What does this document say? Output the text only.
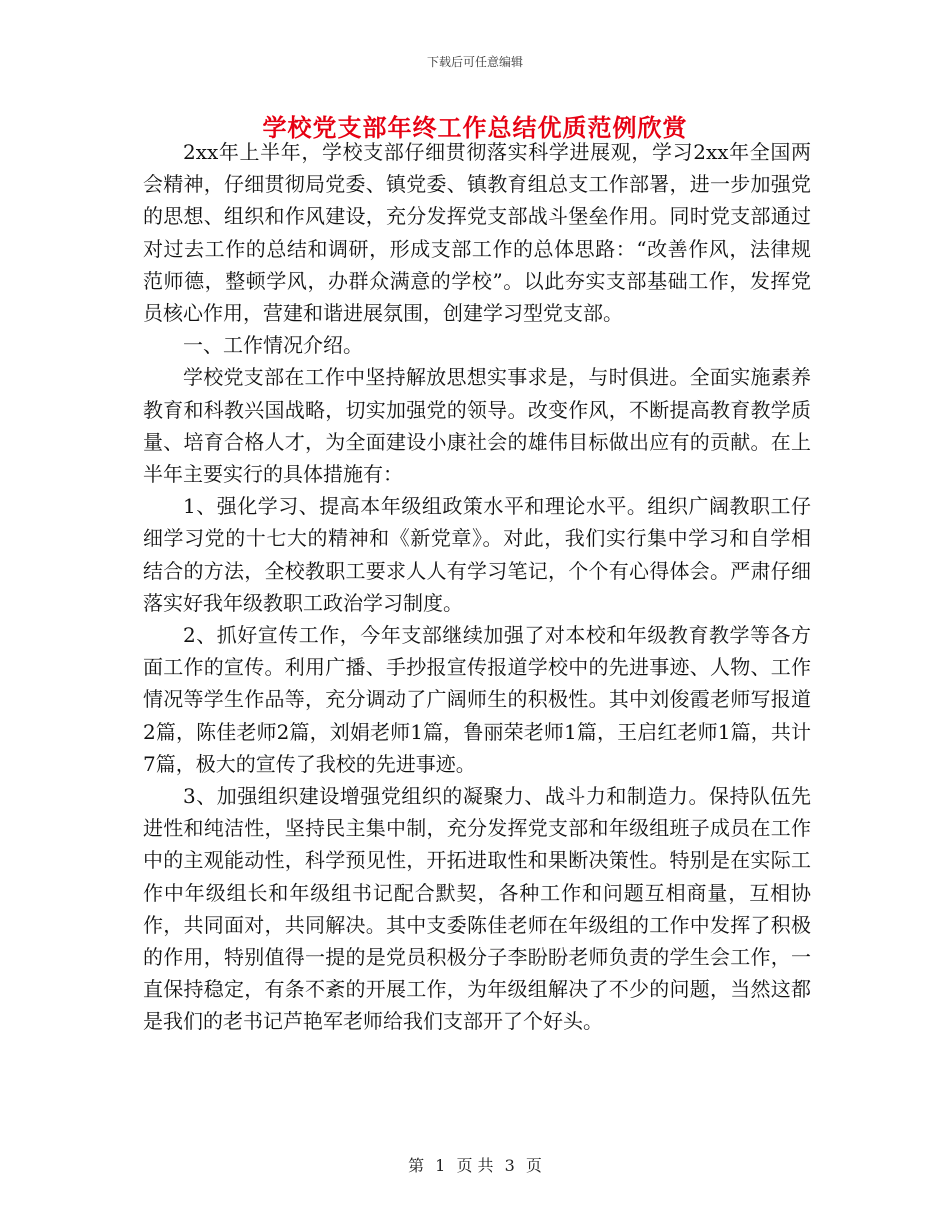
下载后可任意编辑
学校党支部年终工作总结优质范例欣赏

2xx年上半年，学校支部仔细贯彻落实科学进展观，学习2xx年全国两会精神，仔细贯彻局党委、镇党委、镇教育组总支工作部署，进一步加强党的思想、组织和作风建设，充分发挥党支部战斗堡垒作用。同时党支部通过对过去工作的总结和调研，形成支部工作的总体思路：“改善作风，法律规范师德，整顿学风，办群众满意的学校”。以此夯实支部基础工作，发挥党员核心作用，营建和谐进展氛围，创建学习型党支部。

一、工作情况介绍。

学校党支部在工作中坚持解放思想实事求是，与时俱进。全面实施素养教育和科教兴国战略，切实加强党的领导。改变作风，不断提高教育教学质量、培育合格人才，为全面建设小康社会的雄伟目标做出应有的贡献。在上半年主要实行的具体措施有：

1、强化学习、提高本年级组政策水平和理论水平。组织广阔教职工仔细学习党的十七大的精神和《新党章》。对此，我们实行集中学习和自学相结合的方法，全校教职工要求人人有学习笔记，个个有心得体会。严肃仔细落实好我年级教职工政治学习制度。

2、抓好宣传工作，今年支部继续加强了对本校和年级教育教学等各方面工作的宣传。利用广播、手抄报宣传报道学校中的先进事迹、人物、工作情况等学生作品等，充分调动了广阔师生的积极性。其中刘俊霞老师写报道2篇，陈佳老师2篇，刘娟老师1篇，鲁丽荣老师1篇，王启红老师1篇，共计7篇，极大的宣传了我校的先进事迹。

3、加强组织建设增强党组织的凝聚力、战斗力和制造力。保持队伍先进性和纯洁性，坚持民主集中制，充分发挥党支部和年级组班子成员在工作中的主观能动性，科学预见性，开拓进取性和果断决策性。特别是在实际工作中年级组长和年级组书记配合默契，各种工作和问题互相商量，互相协作，共同面对，共同解决。其中支委陈佳老师在年级组的工作中发挥了积极的作用，特别值得一提的是党员积极分子李盼盼老师负责的学生会工作，一直保持稳定，有条不紊的开展工作，为年级组解决了不少的问题，当然这都是我们的老书记芦艳军老师给我们支部开了个好头。

第 1 页 共 3 页
